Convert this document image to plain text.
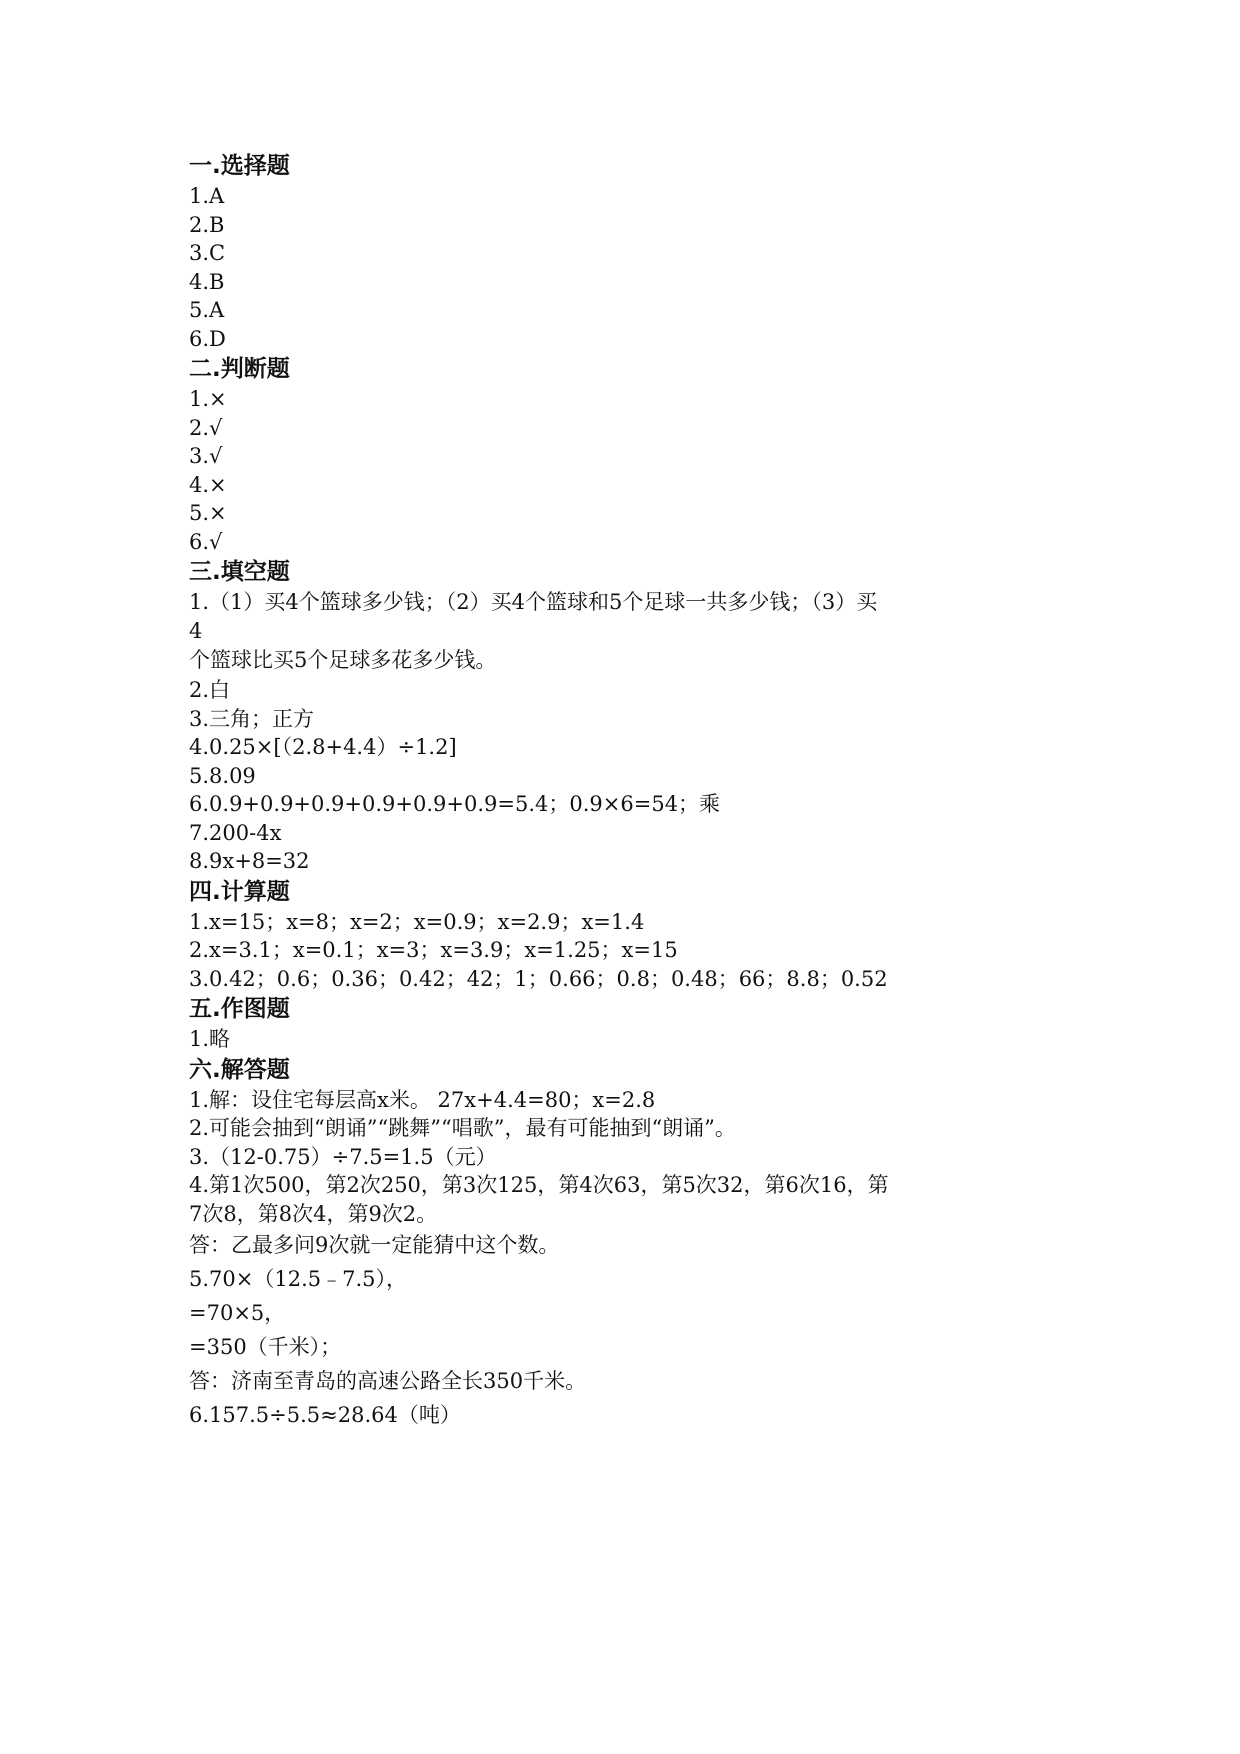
一.选择题
1.A
2.B
3.C
4.B
5.A
6.D
二.判断题
1.×
2.√
3.√
4.×
5.×
6.√
三.填空题
1.（1）买4个篮球多少钱；（2）买4个篮球和5个足球一共多少钱；（3）买
4
个篮球比买5个足球多花多少钱。
2.白
3.三角；正方
4.0.25×[（2.8+4.4）÷1.2]
5.8.09
6.0.9+0.9+0.9+0.9+0.9+0.9=5.4；0.9×6=54；乘
7.200-4x
8.9x+8=32
四.计算题
1.x=15；x=8；x=2；x=0.9；x=2.9；x=1.4
2.x=3.1；x=0.1；x=3；x=3.9；x=1.25；x=15
3.0.42；0.6；0.36；0.42；42；1；0.66；0.8；0.48；66；8.8；0.52
五.作图题
1.略
六.解答题
1.解：设住宅每层高x米。 27x+4.4=80；x=2.8
2.可能会抽到“朗诵”“跳舞”“唱歌”，最有可能抽到“朗诵”。
3.（12-0.75）÷7.5=1.5（元）
4.第1次500，第2次250，第3次125，第4次63，第5次32，第6次16，第
7次8，第8次4，第9次2。
答：乙最多问9次就一定能猜中这个数。
5.70×（12.5﹣7.5），
=70×5，
=350（千米）；
答：济南至青岛的高速公路全长350千米。
6.157.5÷5.5≈28.64（吨）
